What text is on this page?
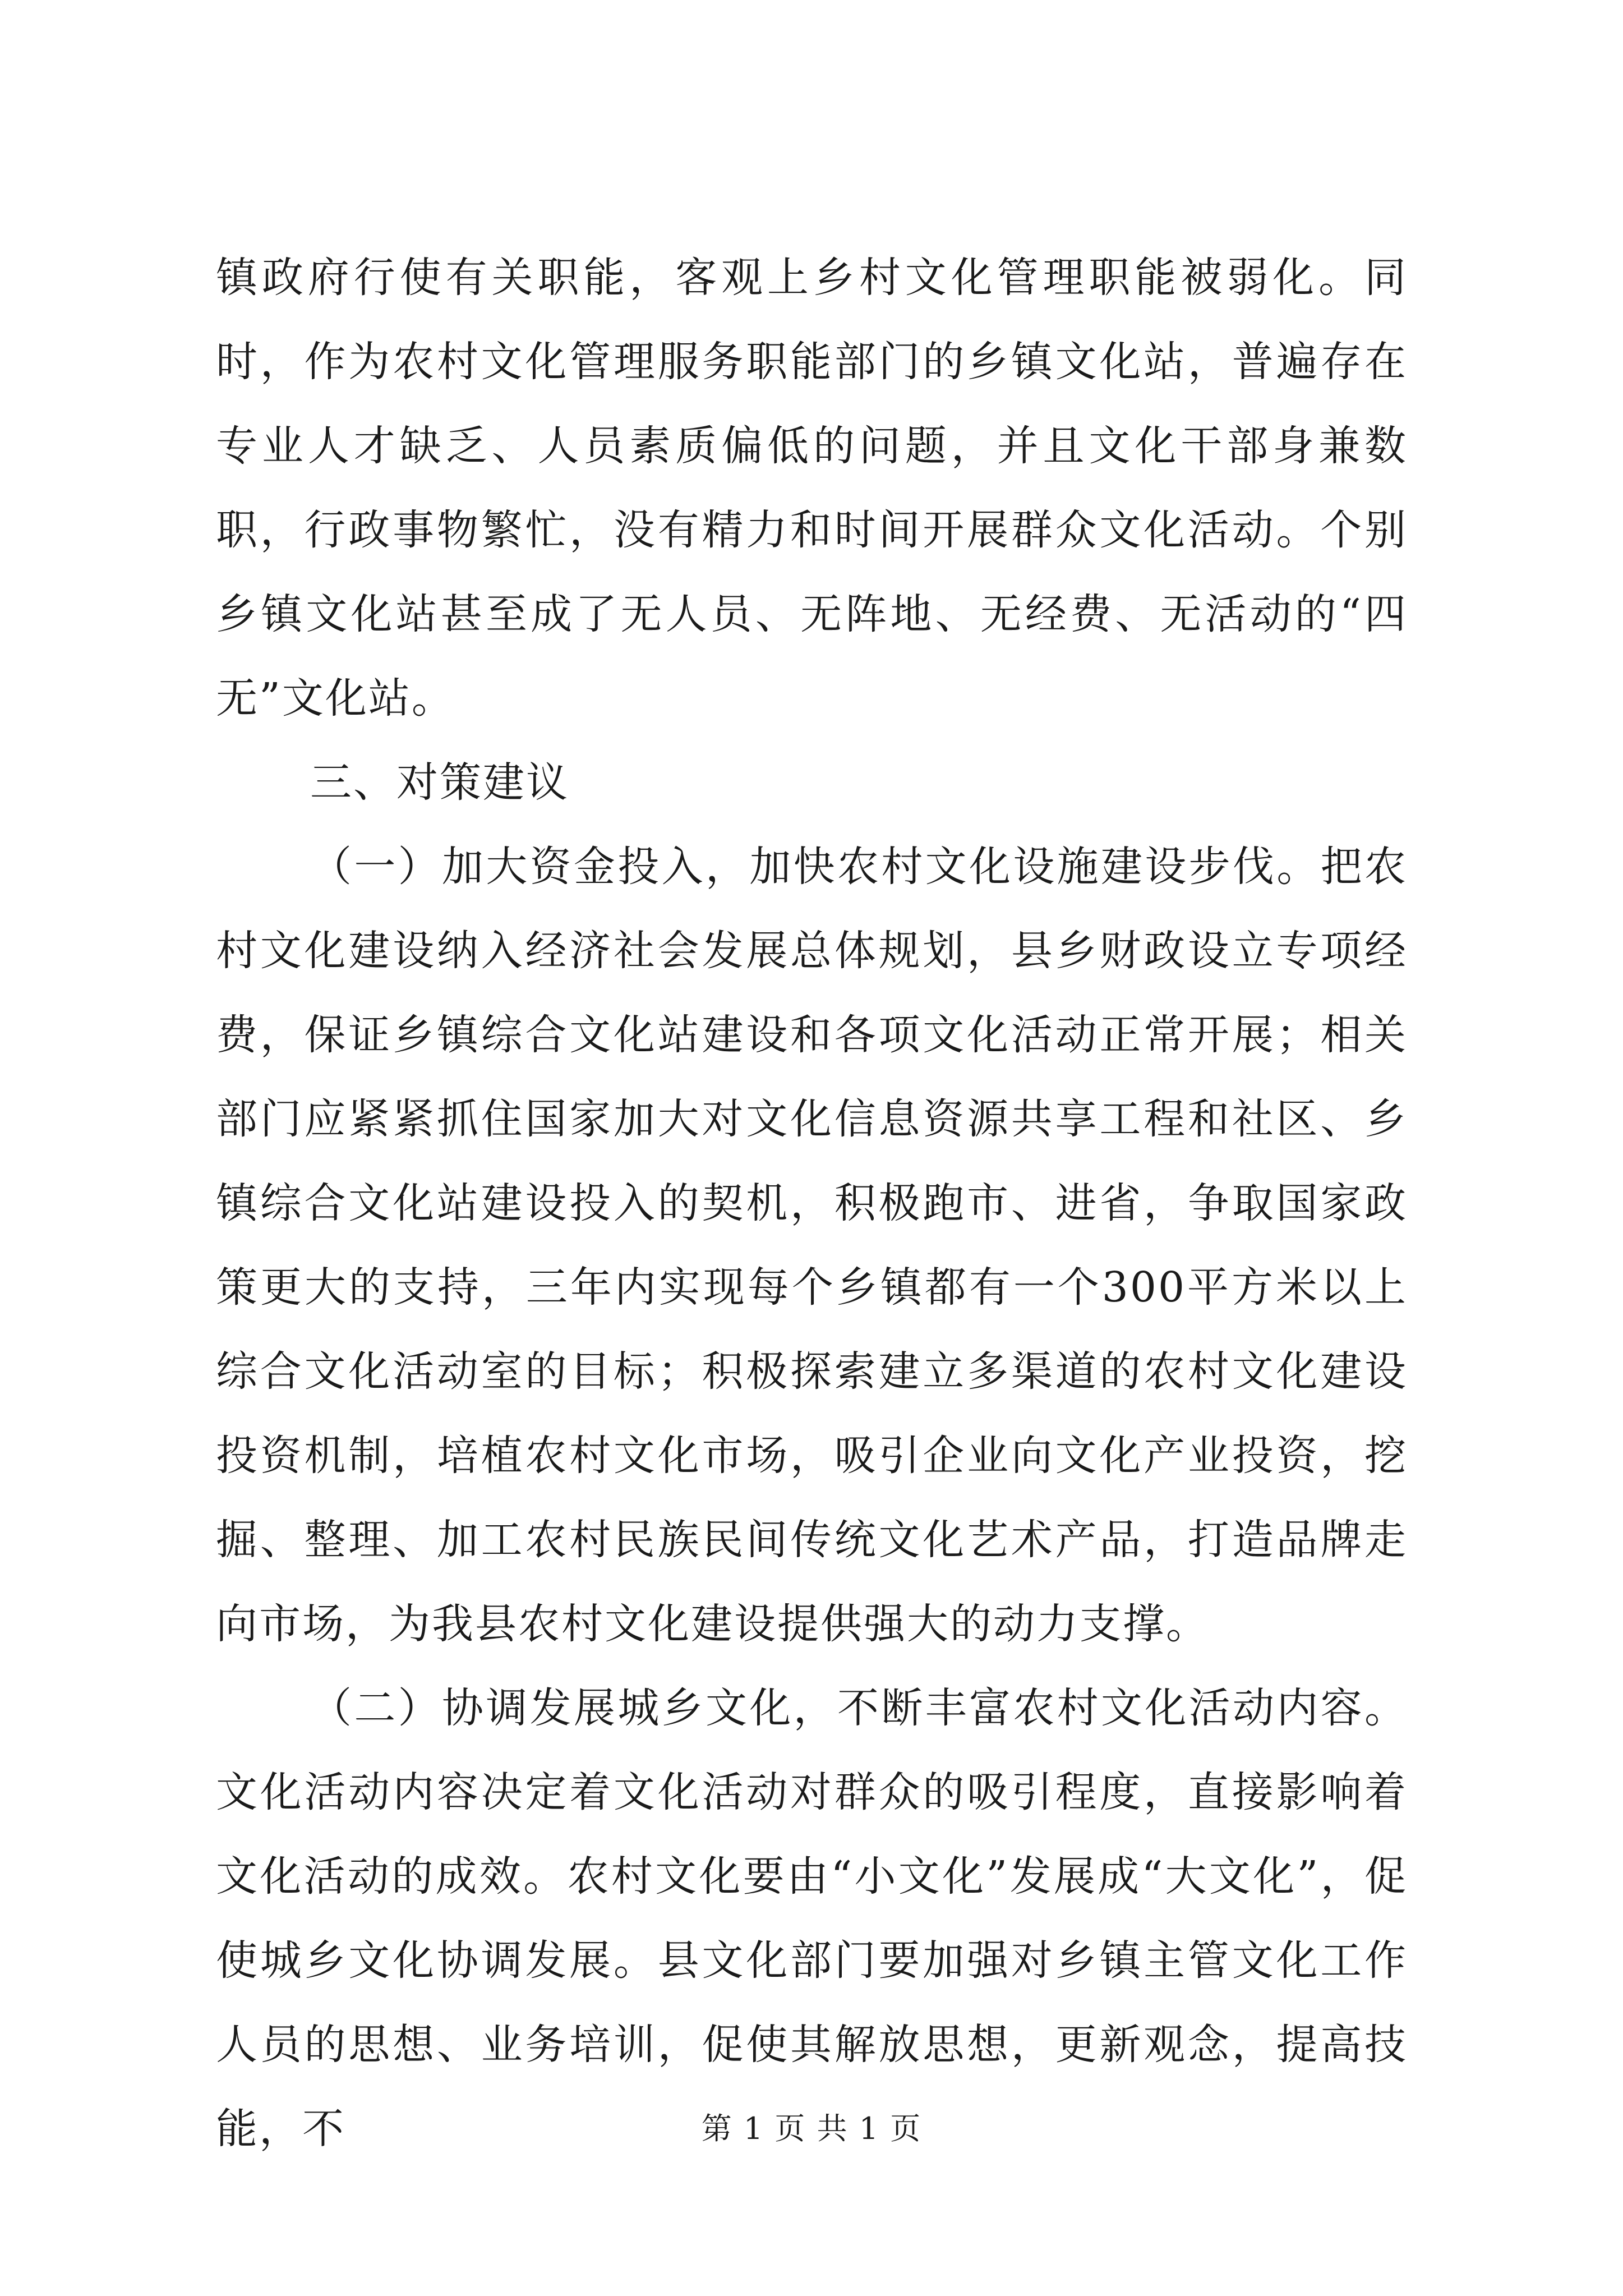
镇政府行使有关职能，客观上乡村文化管理职能被弱化。同时，作为农村文化管理服务职能部门的乡镇文化站，普遍存在专业人才缺乏、人员素质偏低的问题，并且文化干部身兼数职，行政事物繁忙，没有精力和时间开展群众文化活动。个别乡镇文化站甚至成了无人员、无阵地、无经费、无活动的“四无”文化站。

三、对策建议

（一）加大资金投入，加快农村文化设施建设步伐。把农村文化建设纳入经济社会发展总体规划，县乡财政设立专项经费，保证乡镇综合文化站建设和各项文化活动正常开展；相关部门应紧紧抓住国家加大对文化信息资源共享工程和社区、乡镇综合文化站建设投入的契机，积极跑市、进省，争取国家政策更大的支持，三年内实现每个乡镇都有一个300平方米以上综合文化活动室的目标；积极探索建立多渠道的农村文化建设投资机制，培植农村文化市场，吸引企业向文化产业投资，挖掘、整理、加工农村民族民间传统文化艺术产品，打造品牌走向市场，为我县农村文化建设提供强大的动力支撑。

（二）协调发展城乡文化，不断丰富农村文化活动内容。文化活动内容决定着文化活动对群众的吸引程度，直接影响着文化活动的成效。农村文化要由“小文化”发展成“大文化”，促使城乡文化协调发展。县文化部门要加强对乡镇主管文化工作人员的思想、业务培训，促使其解放思想，更新观念，提高技能，不	第 1 页 共 1 页
